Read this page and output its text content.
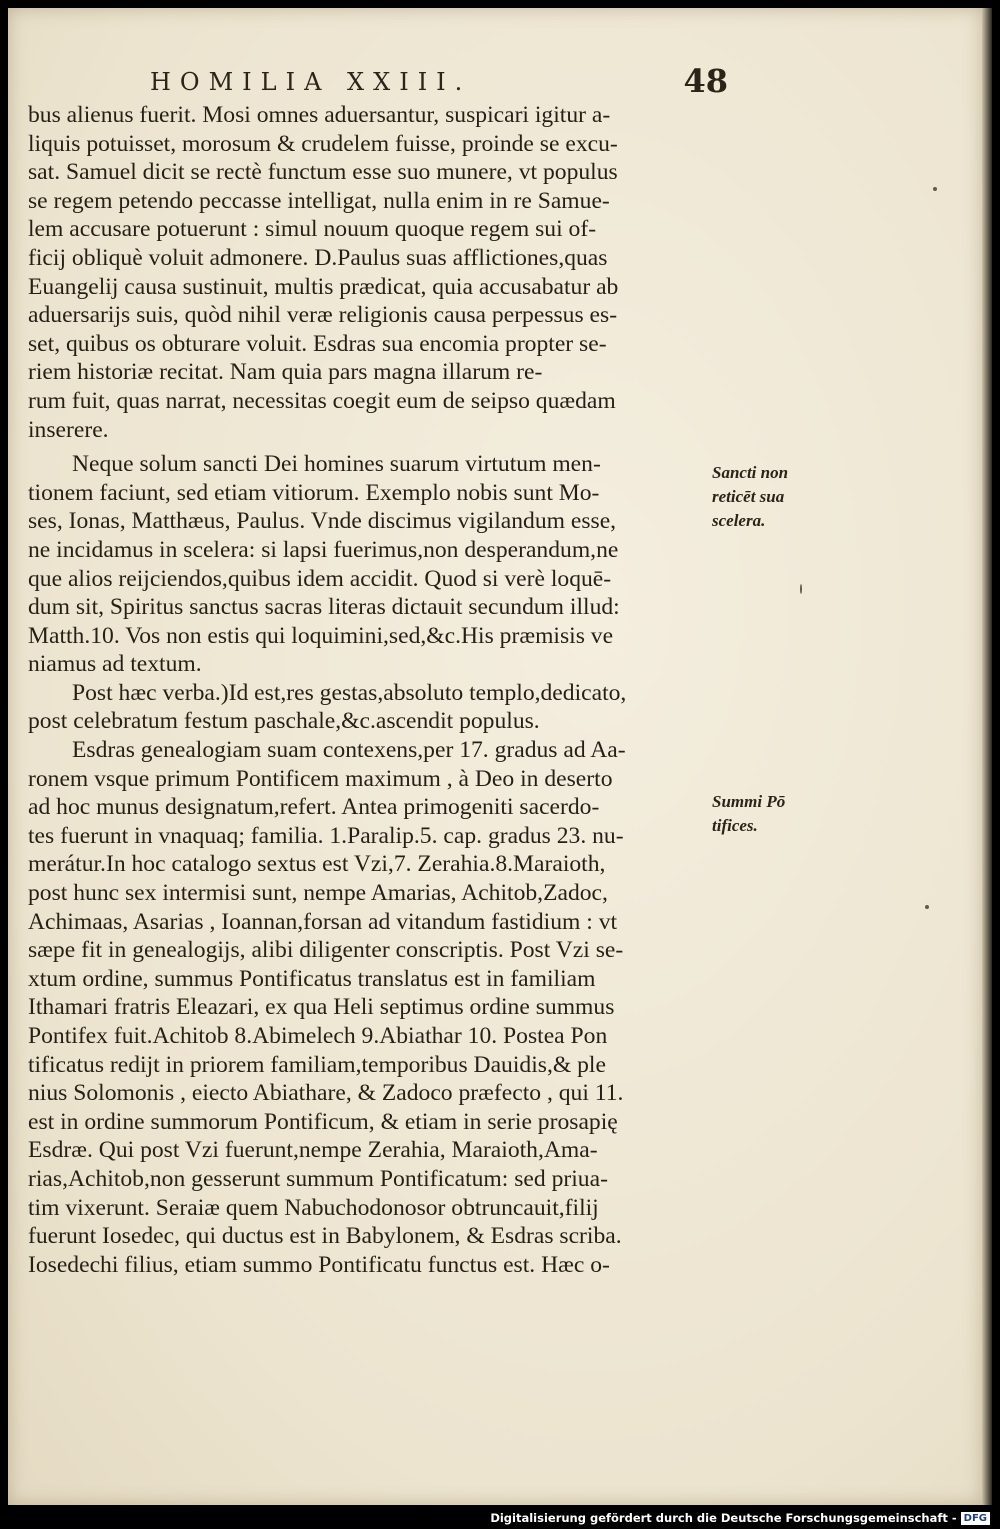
HOMILIA XXIII.	48
bus alienus fuerit. Mosi omnes aduersantur, suspicari igitur a-
liquis potuisset, morosum & crudelem fuisse, proinde se excu-
sat. Samuel dicit se rectè functum esse suo munere, vt populus
se regem petendo peccasse intelligat, nulla enim in re Samue-
lem accusare potuerunt : simul nouum quoque regem sui of-
ficij obliquè voluit admonere. D.Paulus suas afflictiones,quas
Euangelij causa sustinuit, multis prædicat, quia accusabatur ab
aduersarijs suis, quòd nihil veræ religionis causa perpessus es-
set, quibus os obturare voluit. Esdras sua encomia propter se-
riem historiæ recitat. Nam quia pars magna illarum re-
rum fuit, quas narrat, necessitas coegit eum de seipso quædam
inserere.
Neque solum sancti Dei homines suarum virtutum men-
tionem faciunt, sed etiam vitiorum. Exemplo nobis sunt Mo-
ses, Ionas, Matthæus, Paulus. Vnde discimus vigilandum esse,
ne incidamus in scelera: si lapsi fuerimus,non desperandum,ne
que alios reijciendos,quibus idem accidit. Quod si verè loquē-
dum sit, Spiritus sanctus sacras literas dictauit secundum illud:
Matth.10. Vos non estis qui loquimini,sed,&c.His præmisis ve
niamus ad textum.
Post hæc verba.)Id est,res gestas,absoluto templo,dedicato,
post celebratum festum paschale,&c.ascendit populus.
Esdras genealogiam suam contexens,per 17. gradus ad Aa-
ronem vsque primum Pontificem maximum , à Deo in deserto
ad hoc munus designatum,refert. Antea primogeniti sacerdo-
tes fuerunt in vnaquaq; familia. 1.Paralip.5. cap. gradus 23. nu-
merátur.In hoc catalogo sextus est Vzi,7. Zerahia.8.Maraioth,
post hunc sex intermisi sunt, nempe Amarias, Achitob,Zadoc,
Achimaas, Asarias , Ioannan,forsan ad vitandum fastidium : vt
sæpe fit in genealogijs, alibi diligenter conscriptis. Post Vzi se-
xtum ordine, summus Pontificatus translatus est in familiam
Ithamari fratris Eleazari, ex qua Heli septimus ordine summus
Pontifex fuit.Achitob 8.Abimelech 9.Abiathar 10. Postea Pon
tificatus redijt in priorem familiam,temporibus Dauidis,& ple
nius Solomonis , eiecto Abiathare, & Zadoco præfecto , qui 11.
est in ordine summorum Pontificum, & etiam in serie prosapię
Esdræ. Qui post Vzi fuerunt,nempe Zerahia, Maraioth,Ama-
rias,Achitob,non gesserunt summum Pontificatum: sed priua-
tim vixerunt. Seraiæ quem Nabuchodonosor obtruncauit,filij
fuerunt Iosedec, qui ductus est in Babylonem, & Esdras scriba.
Iosedechi filius, etiam summo Pontificatu functus est. Hæc o-
Sancti non
reticēt sua
scelera.
Summi Pō
tifices.
Digitalisierung gefördert durch die Deutsche Forschungsgemeinschaft - DFG
